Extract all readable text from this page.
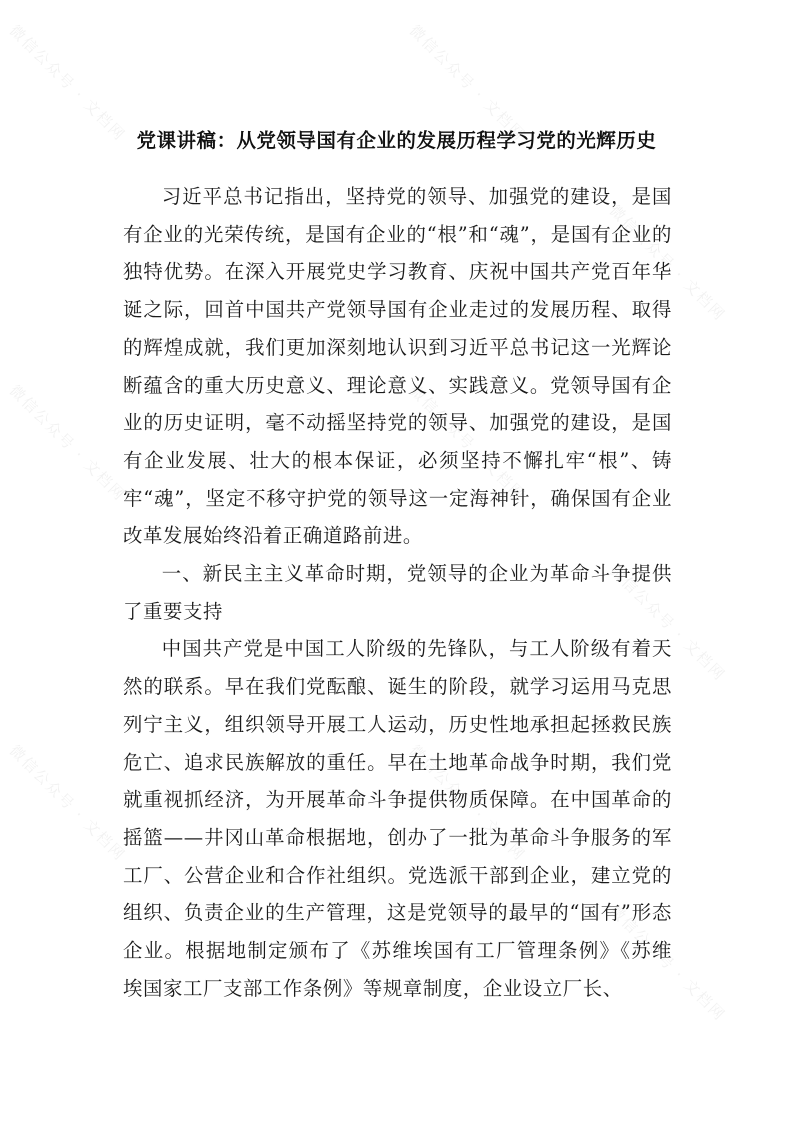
微信公众号 · 文档网	微信公众号 · 文档网
微信公众号 · 文档网	微信公众号 · 文档网
微信公众号 · 文档网	微信公众号 · 文档网
微信公众号 · 文档网
微信公众号 · 文档网
微信公众号 · 文档网
党课讲稿：从党领导国有企业的发展历程学习党的光辉历史

习近平总书记指出，坚持党的领导、加强党的建设，是国有企业的光荣传统，是国有企业的“根”和“魂”，是国有企业的独特优势。在深入开展党史学习教育、庆祝中国共产党百年华诞之际，回首中国共产党领导国有企业走过的发展历程、取得的辉煌成就，我们更加深刻地认识到习近平总书记这一光辉论断蕴含的重大历史意义、理论意义、实践意义。党领导国有企业的历史证明，毫不动摇坚持党的领导、加强党的建设，是国有企业发展、壮大的根本保证，必须坚持不懈扎牢“根”、铸牢“魂”，坚定不移守护党的领导这一定海神针，确保国有企业改革发展始终沿着正确道路前进。

一、新民主主义革命时期，党领导的企业为革命斗争提供了重要支持

中国共产党是中国工人阶级的先锋队，与工人阶级有着天然的联系。早在我们党酝酿、诞生的阶段，就学习运用马克思列宁主义，组织领导开展工人运动，历史性地承担起拯救民族危亡、追求民族解放的重任。早在土地革命战争时期，我们党就重视抓经济，为开展革命斗争提供物质保障。在中国革命的摇篮——井冈山革命根据地，创办了一批为革命斗争服务的军工厂、公营企业和合作社组织。党选派干部到企业，建立党的组织、负责企业的生产管理，这是党领导的最早的“国有”形态企业。根据地制定颁布了《苏维埃国有工厂管理条例》《苏维埃国家工厂支部工作条例》等规章制度，企业设立厂长、
